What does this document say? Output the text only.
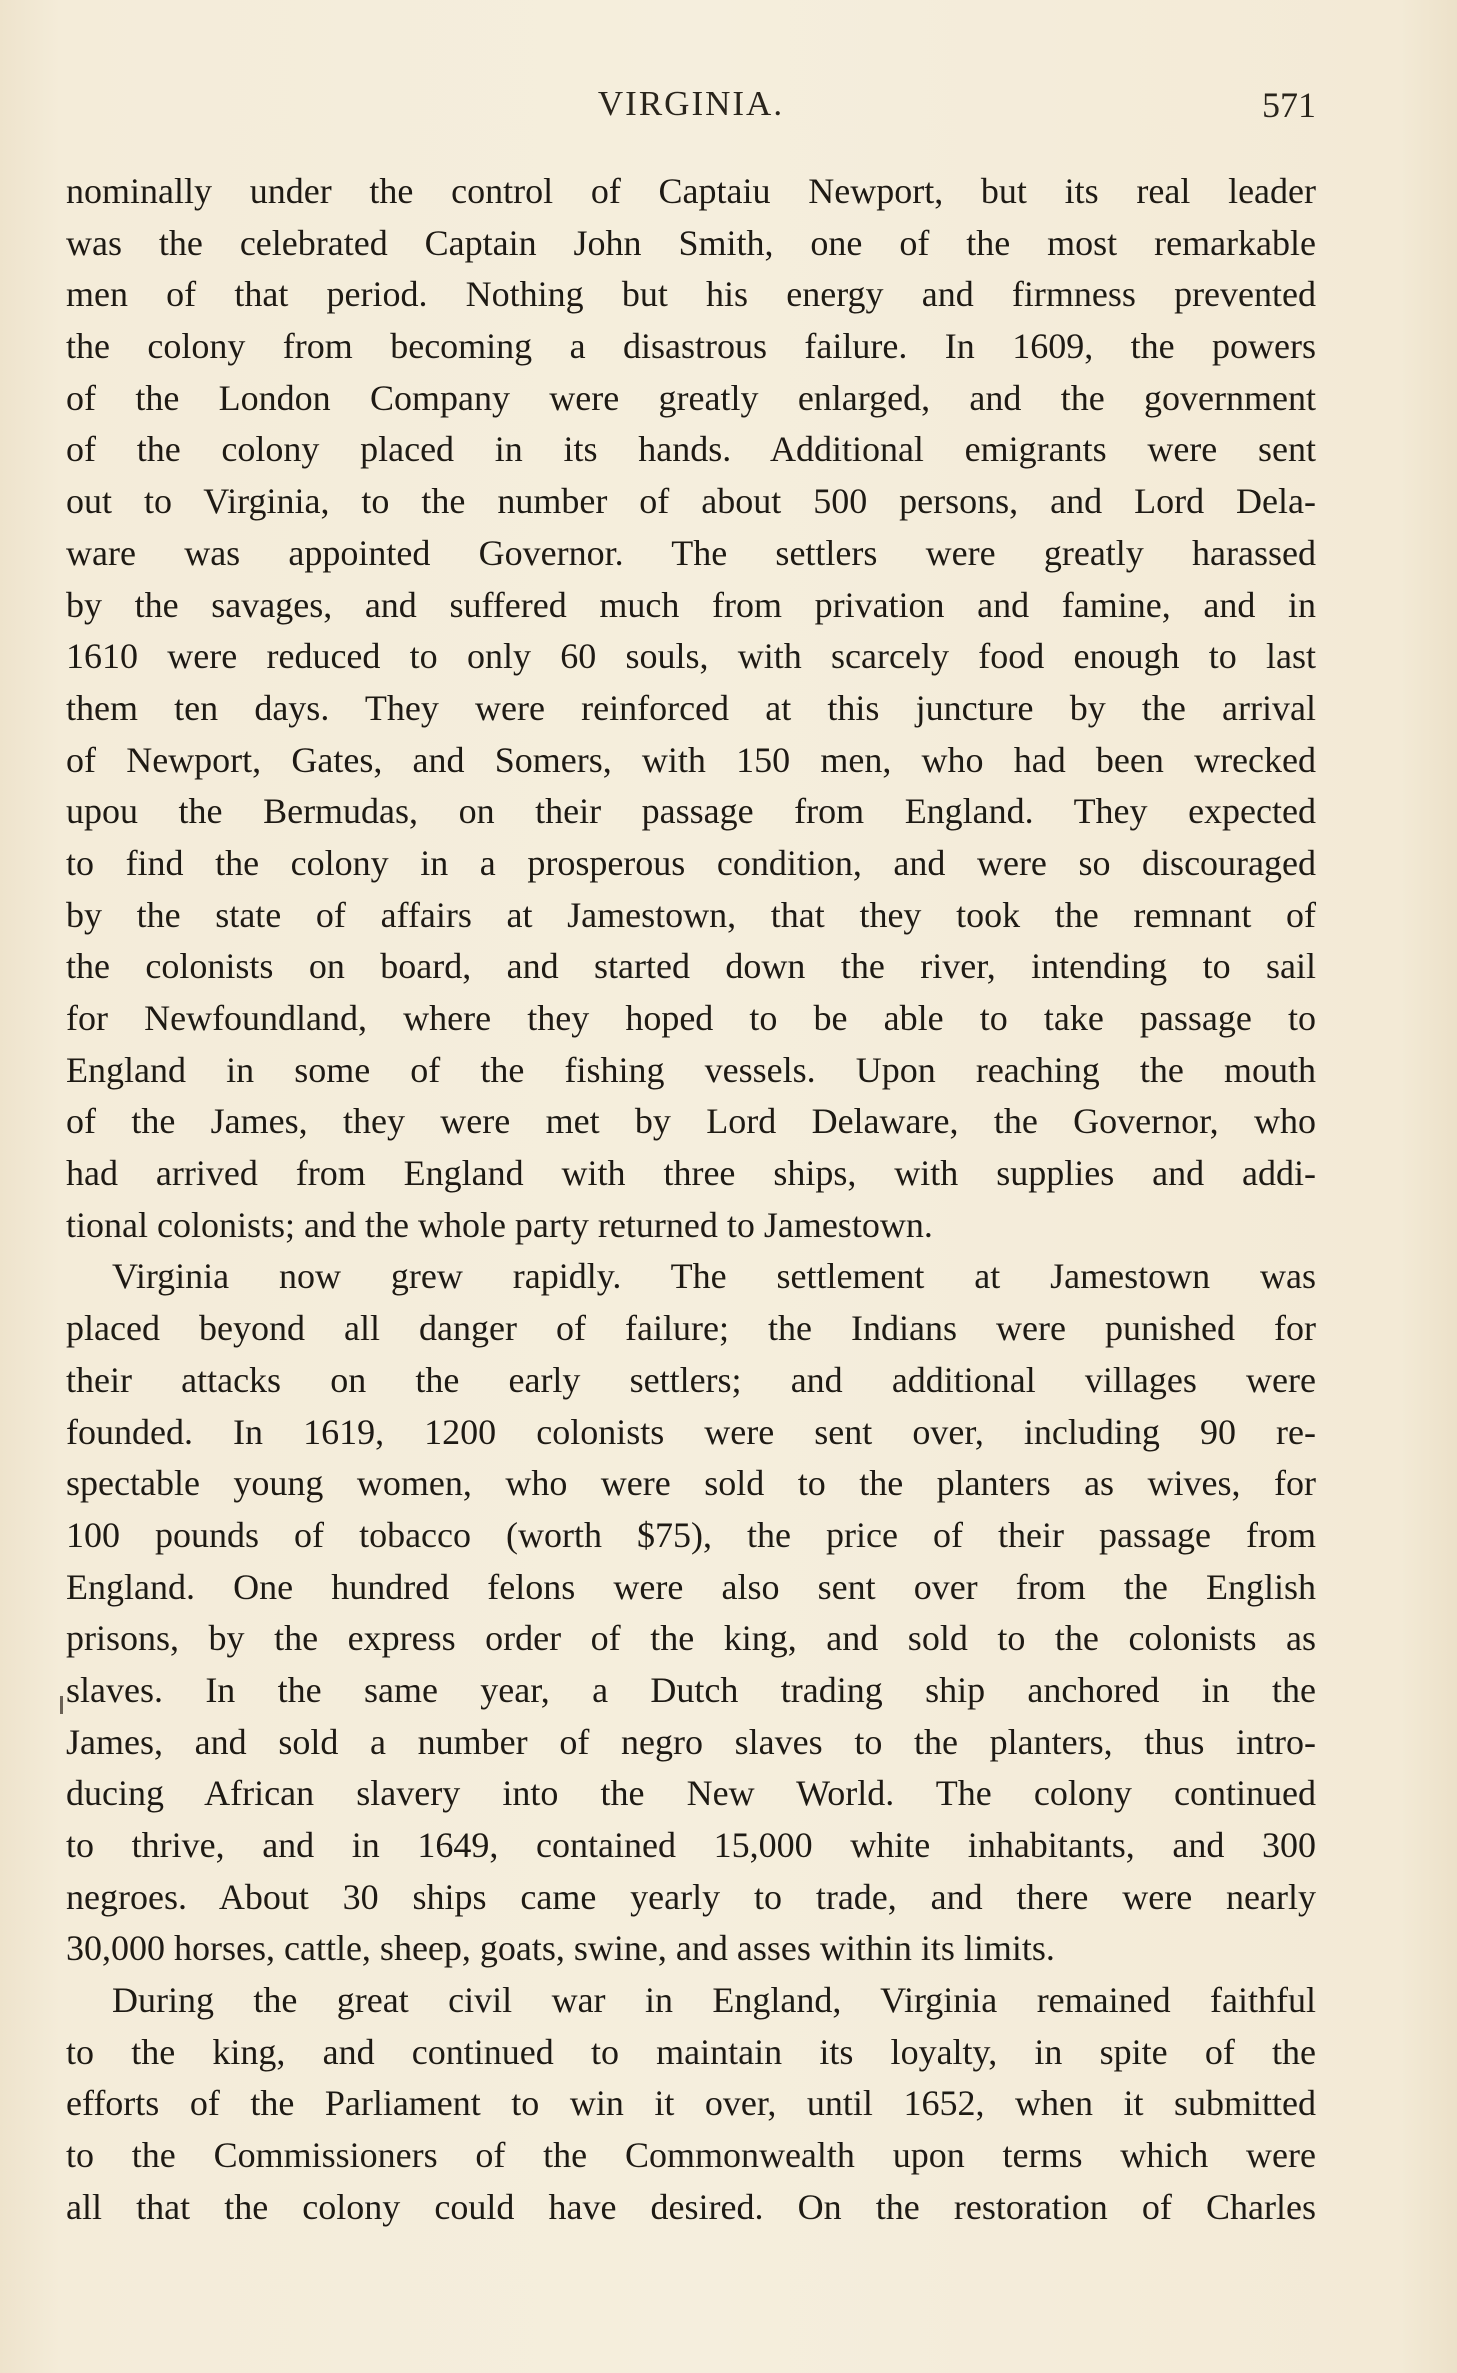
VIRGINIA.	571
nominally under the control of Captaiu Newport, but its real leader
was the celebrated Captain John Smith, one of the most remarkable
men of that period. Nothing but his energy and firmness prevented
the colony from becoming a disastrous failure. In 1609, the powers
of the London Company were greatly enlarged, and the government
of the colony placed in its hands. Additional emigrants were sent
out to Virginia, to the number of about 500 persons, and Lord Dela-
ware was appointed Governor. The settlers were greatly harassed
by the savages, and suffered much from privation and famine, and in
1610 were reduced to only 60 souls, with scarcely food enough to last
them ten days. They were reinforced at this juncture by the arrival
of Newport, Gates, and Somers, with 150 men, who had been wrecked
upou the Bermudas, on their passage from England. They expected
to find the colony in a prosperous condition, and were so discouraged
by the state of affairs at Jamestown, that they took the remnant of
the colonists on board, and started down the river, intending to sail
for Newfoundland, where they hoped to be able to take passage to
England in some of the fishing vessels. Upon reaching the mouth
of the James, they were met by Lord Delaware, the Governor, who
had arrived from England with three ships, with supplies and addi-
tional colonists; and the whole party returned to Jamestown.
Virginia now grew rapidly. The settlement at Jamestown was
placed beyond all danger of failure; the Indians were punished for
their attacks on the early settlers; and additional villages were
founded. In 1619, 1200 colonists were sent over, including 90 re-
spectable young women, who were sold to the planters as wives, for
100 pounds of tobacco (worth $75), the price of their passage from
England. One hundred felons were also sent over from the English
prisons, by the express order of the king, and sold to the colonists as
slaves. In the same year, a Dutch trading ship anchored in the
James, and sold a number of negro slaves to the planters, thus intro-
ducing African slavery into the New World. The colony continued
to thrive, and in 1649, contained 15,000 white inhabitants, and 300
negroes. About 30 ships came yearly to trade, and there were nearly
30,000 horses, cattle, sheep, goats, swine, and asses within its limits.
During the great civil war in England, Virginia remained faithful
to the king, and continued to maintain its loyalty, in spite of the
efforts of the Parliament to win it over, until 1652, when it submitted
to the Commissioners of the Commonwealth upon terms which were
all that the colony could have desired. On the restoration of Charles
